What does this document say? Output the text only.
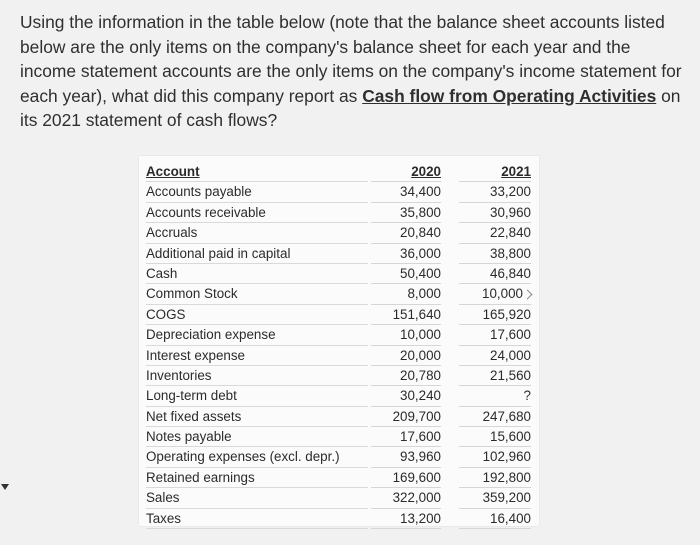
Using the information in the table below (note that the balance sheet accounts listed below are the only items on the company's balance sheet for each year and the income statement accounts are the only items on the company's income statement for each year), what did this company report as Cash flow from Operating Activities on its 2021 statement of cash flows?
Account
Accounts payable
Accounts receivable
Accruals
Additional paid in capital
Cash
Common Stock
COGS
Depreciation expense
Interest expense
Inventories
Long-term debt
Net fixed assets
Notes payable
Operating expenses (excl. depr.)
Retained earnings
Sales
Taxes
2020
34,400
35,800
20,840
36,000
50,400
8,000
151,640
10,000
20,000
20,780
30,240
209,700
17,600
93,960
169,600
322,000
13,200
2021
33,200
30,960
22,840
38,800
46,840
10,000
165,920
17,600
24,000
21,560
?
247,680
15,600
102,960
192,800
359,200
16,400
